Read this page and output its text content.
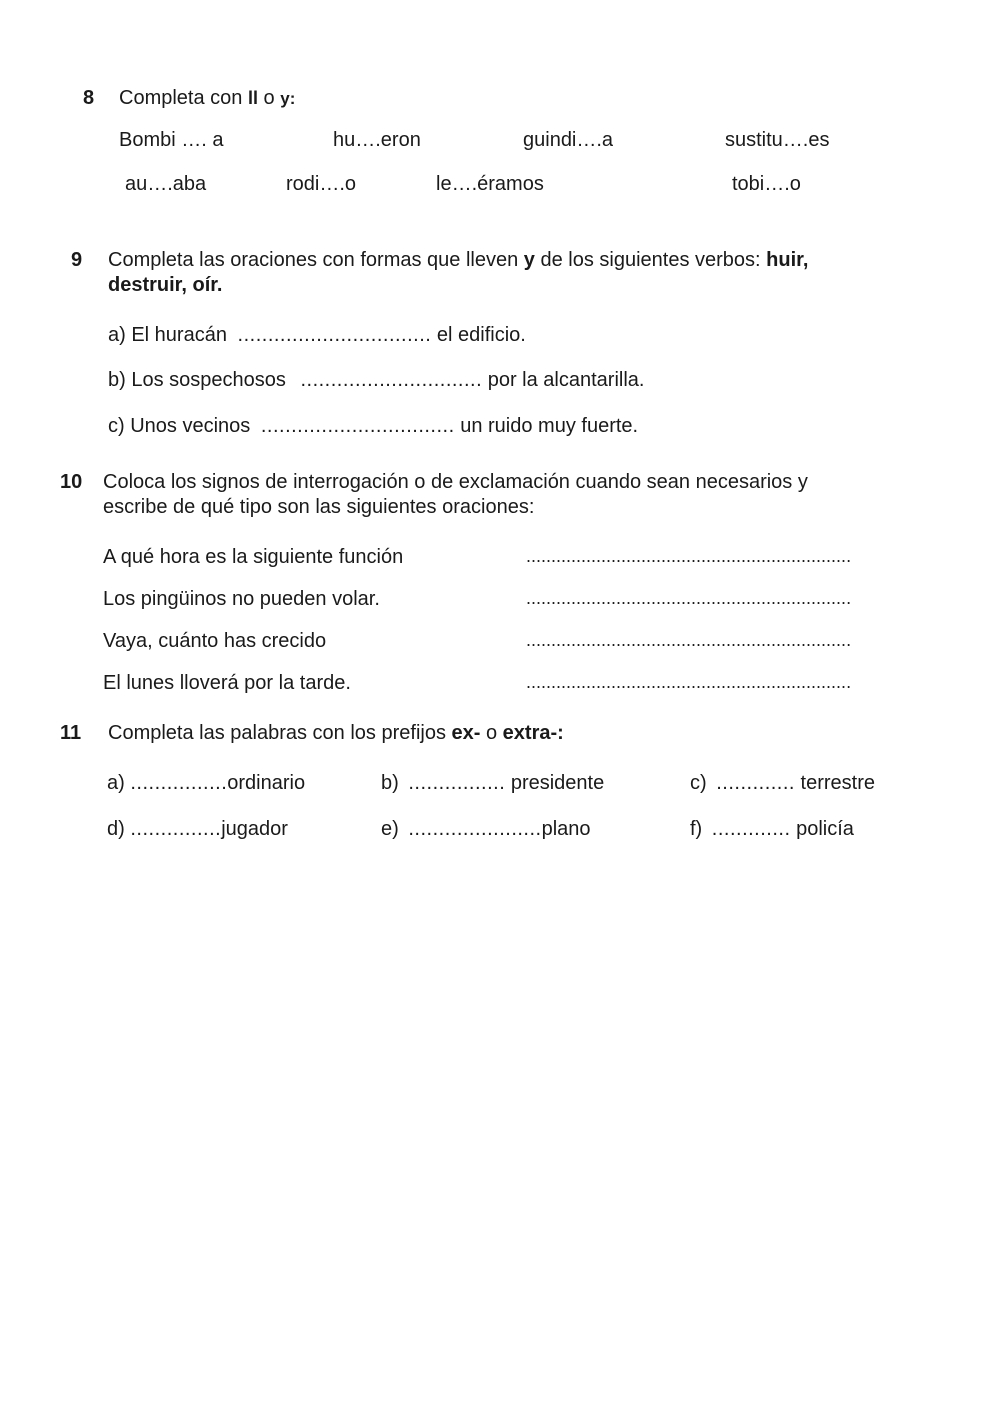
8 Completa con ll o y:
Bombi …. a	hu….eron	guindi….a	sustitu….es
au….aba	rodi….o	le….éramos	tobi….o
9 Completa las oraciones con formas que lleven y de los siguientes verbos: huir,
destruir, oír.
a) El huracán ................................ el edificio.
b) Los sospechosos .............................. por la alcantarilla.
c) Unos vecinos ................................ un ruido muy fuerte.
10 Coloca los signos de interrogación o de exclamación cuando sean necesarios y
escribe de qué tipo son las siguientes oraciones:
A qué hora es la siguiente función	.................................................................
Los pingüinos no pueden volar.	.................................................................
Vaya, cuánto has crecido	.................................................................
El lunes lloverá por la tarde.	.................................................................
11 Completa las palabras con los prefijos ex- o extra-:
a) ................ordinario	b) ................ presidente	c) ............. terrestre
d) ...............jugador	e) ......................plano	f) ............. policía
